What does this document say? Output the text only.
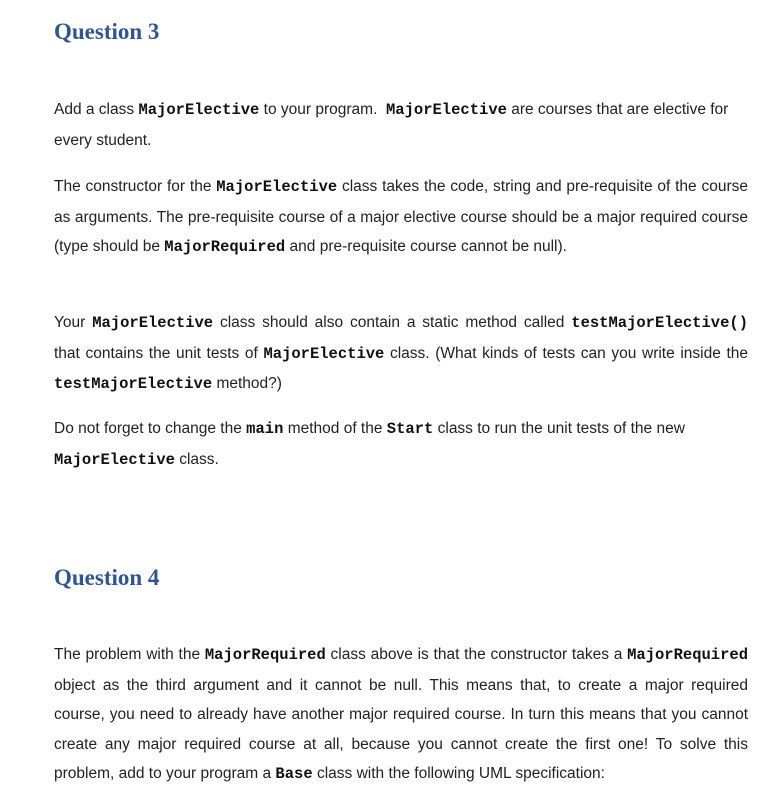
Question 3

Add a class MajorElective to your program.  MajorElective are courses that are elective for every student.

The constructor for the MajorElective class takes the code, string and pre-requisite of the course as arguments. The pre-requisite course of a major elective course should be a major required course (type should be MajorRequired and pre-requisite course cannot be null).

Your MajorElective class should also contain a static method called testMajorElective() that contains the unit tests of MajorElective class. (What kinds of tests can you write inside the testMajorElective method?)

Do not forget to change the main method of the Start class to run the unit tests of the new MajorElective class.

Question 4

The problem with the MajorRequired class above is that the constructor takes a MajorRequired object as the third argument and it cannot be null. This means that, to create a major required course, you need to already have another major required course. In turn this means that you cannot create any major required course at all, because you cannot create the first one! To solve this problem, add to your program a Base class with the following UML specification:
